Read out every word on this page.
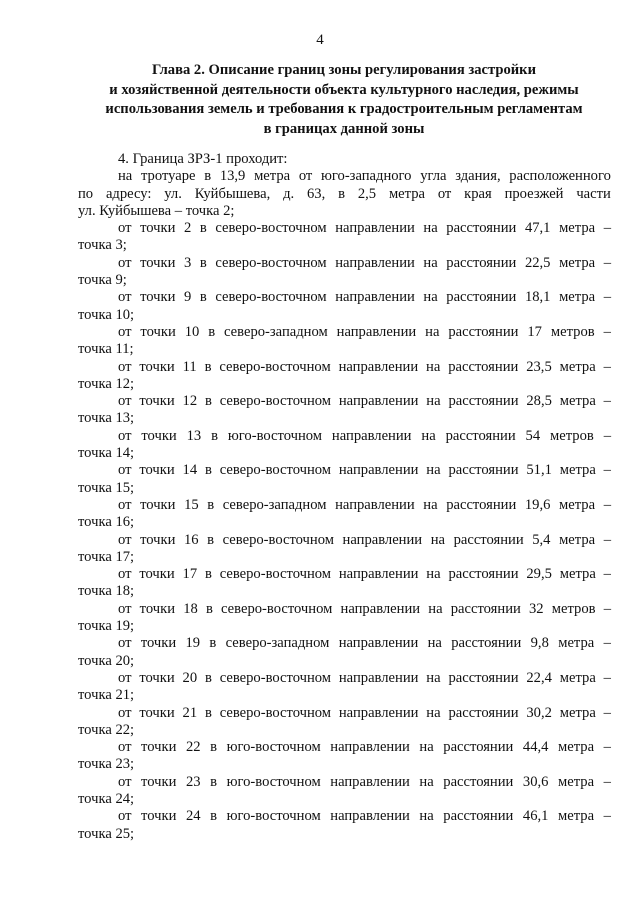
4
Глава 2. Описание границ зоны регулирования застройки
и хозяйственной деятельности объекта культурного наследия, режимы
использования земель и требования к градостроительным регламентам
в границах данной зоны
4. Граница ЗРЗ-1 проходит:
на тротуаре в 13,9 метра от юго-западного угла здания, расположенного
по адресу: ул. Куйбышева, д. 63, в 2,5 метра от края проезжей части
ул. Куйбышева – точка 2;
от точки 2 в северо-восточном направлении на расстоянии 47,1 метра –
точка 3;
от точки 3 в северо-восточном направлении на расстоянии 22,5 метра –
точка 9;
от точки 9 в северо-восточном направлении на расстоянии 18,1 метра –
точка 10;
от точки 10 в северо-западном направлении на расстоянии 17 метров –
точка 11;
от точки 11 в северо-восточном направлении на расстоянии 23,5 метра –
точка 12;
от точки 12 в северо-восточном направлении на расстоянии 28,5 метра –
точка 13;
от точки 13 в юго-восточном направлении на расстоянии 54 метров –
точка 14;
от точки 14 в северо-восточном направлении на расстоянии 51,1 метра –
точка 15;
от точки 15 в северо-западном направлении на расстоянии 19,6 метра –
точка 16;
от точки 16 в северо-восточном направлении на расстоянии 5,4 метра –
точка 17;
от точки 17 в северо-восточном направлении на расстоянии 29,5 метра –
точка 18;
от точки 18 в северо-восточном направлении на расстоянии 32 метров –
точка 19;
от точки 19 в северо-западном направлении на расстоянии 9,8 метра –
точка 20;
от точки 20 в северо-восточном направлении на расстоянии 22,4 метра –
точка 21;
от точки 21 в северо-восточном направлении на расстоянии 30,2 метра –
точка 22;
от точки 22 в юго-восточном направлении на расстоянии 44,4 метра –
точка 23;
от точки 23 в юго-восточном направлении на расстоянии 30,6 метра –
точка 24;
от точки 24 в юго-восточном направлении на расстоянии 46,1 метра –
точка 25;
